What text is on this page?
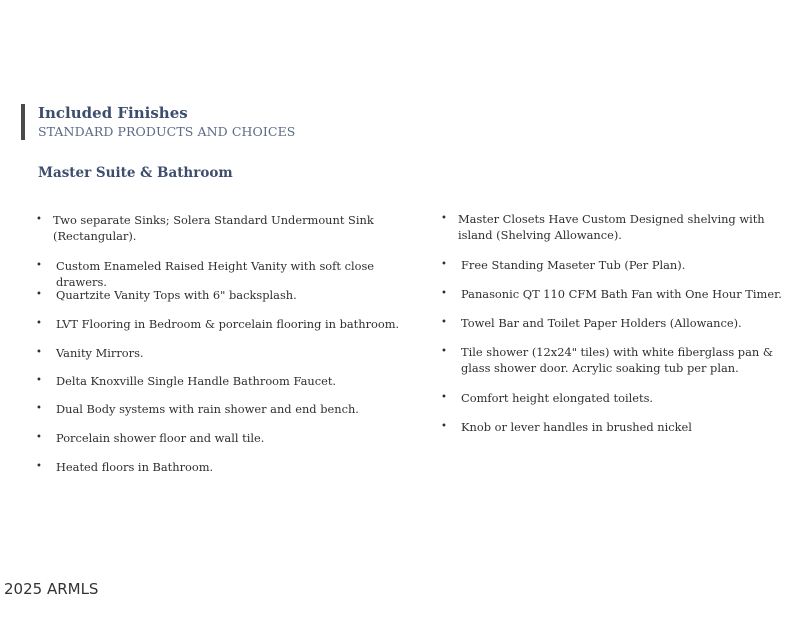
Included Finishes
STANDARD PRODUCTS AND CHOICES
Master Suite & Bathroom
• Two separate Sinks; Solera Standard Undermount Sink (Rectangular).
•	Custom Enameled Raised Height Vanity with soft close drawers.
•	Quartzite Vanity Tops with 6" backsplash.
•	LVT Flooring in Bedroom & porcelain flooring in bathroom.
•	Vanity Mirrors.
•	Delta Knoxville Single Handle Bathroom Faucet.
•	Dual Body systems with rain shower and end bench.
•	Porcelain shower floor and wall tile.
•	Heated floors in Bathroom.
• Master Closets Have Custom Designed shelving with island (Shelving Allowance).
•	Free Standing Maseter Tub (Per Plan).
•	Panasonic QT 110 CFM Bath Fan with One Hour Timer.
•	Towel Bar and Toilet Paper Holders (Allowance).
•	Tile shower (12x24" tiles) with white fiberglass pan & glass shower door. Acrylic soaking tub per plan.
•	Comfort height elongated toilets.
•	Knob or lever handles in brushed nickel
2025 ARMLS
